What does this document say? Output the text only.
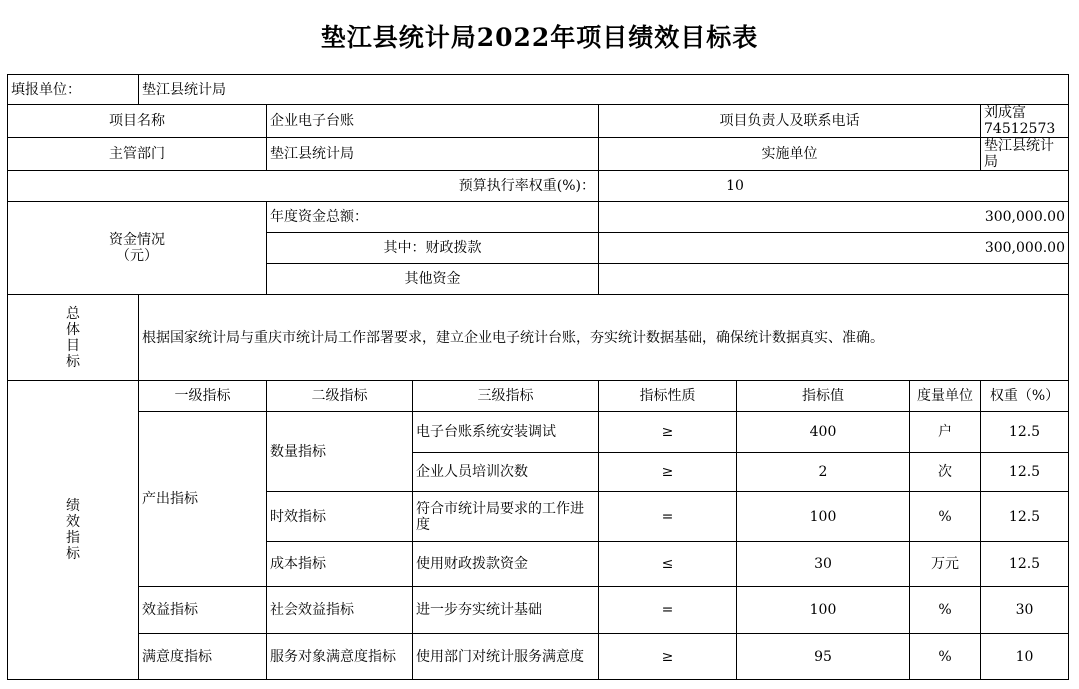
垫江县统计局2022年项目绩效目标表
填报单位：	垫江县统计局						
项目名称		企业电子台账		项目负责人及联系电话			刘成富 74512573
主管部门		垫江县统计局		实施单位			垫江县统计局
预算执行率权重(%)：				10			

资金情况
（元）		年度资金总额：		300,000.00			
		其中：财政拨款		300,000.00			
		其他资金					

总
体
目
标	根据国家统计局与重庆市统计局工作部署要求，建立企业电子统计台账，夯实统计数据基础，确保统计数据真实、准确。						

绩
效
指
标	一级指标	二级指标	三级指标	指标性质	指标值	度量单位	权重（%）
	产出指标	数量指标	电子台账系统安装调试	≥	400	户	12.5
			企业人员培训次数	≥	2	次	12.5
		时效指标	符合市统计局要求的工作进度	=	100	%	12.5
		成本指标	使用财政拨款资金	≤	30	万元	12.5
	效益指标	社会效益指标	进一步夯实统计基础	=	100	%	30
	满意度指标	服务对象满意度指标	使用部门对统计服务满意度	≥	95	%	10
